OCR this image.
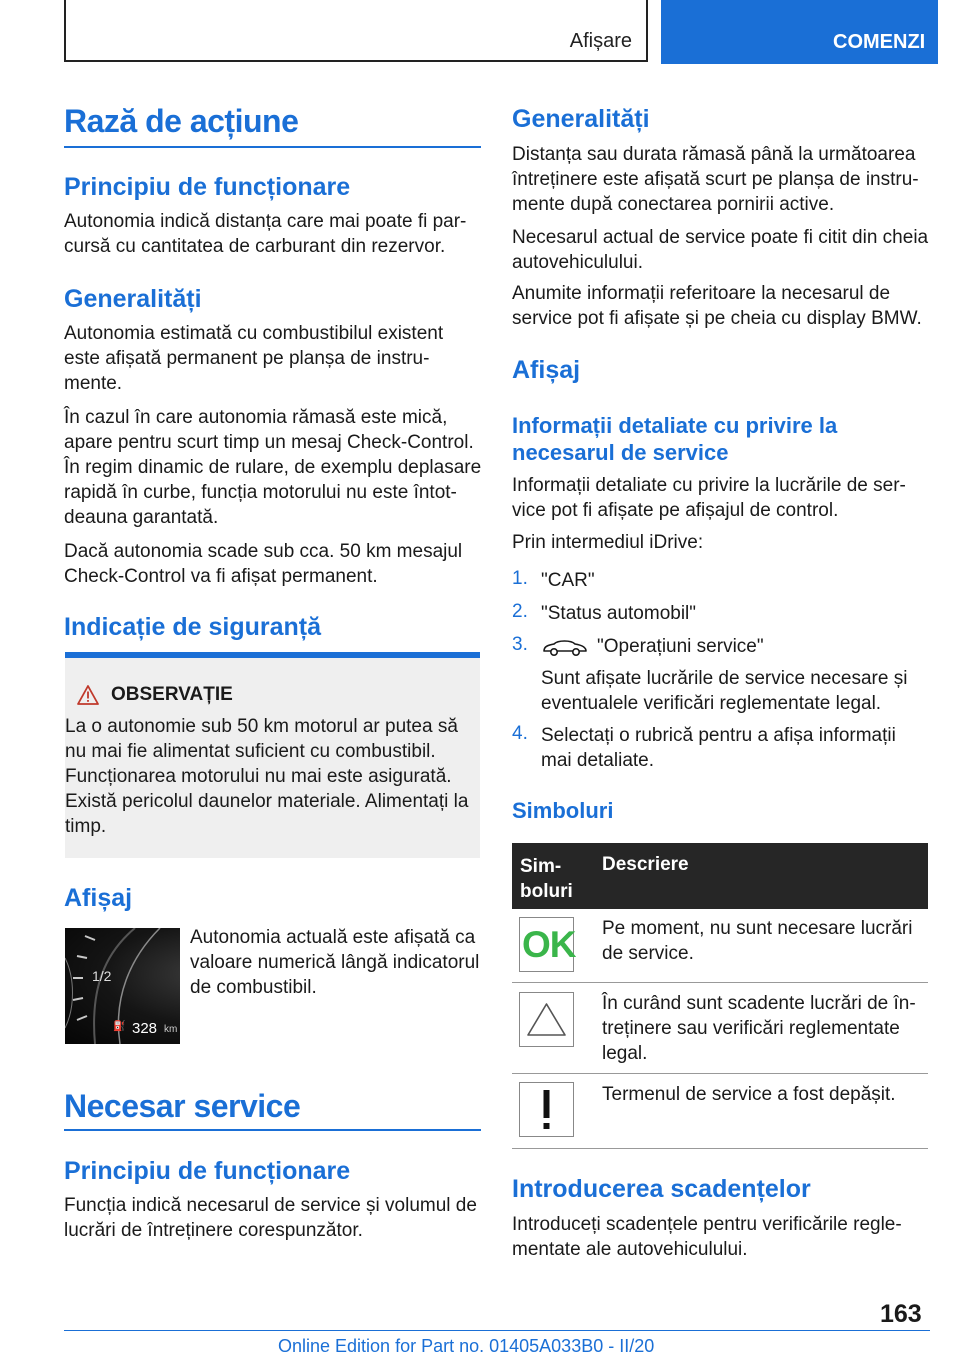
Afișare	COMENZI
Rază de acțiune
Principiu de funcționare
Autonomia indică distanța care mai poate fi par‐
cursă cu cantitatea de carburant din rezervor.
Generalități
Autonomia estimată cu combustibilul existent
este afișată permanent pe planșa de instru‐
mente.
În cazul în care autonomia rămasă este mică,
apare pentru scurt timp un mesaj Check-Control.
În regim dinamic de rulare, de exemplu deplasare
rapidă în curbe, funcția motorului nu este întot‐
deauna garantată.
Dacă autonomia scade sub cca. 50 km mesajul
Check-Control va fi afișat permanent.
Indicație de siguranță
OBSERVAȚIE
La o autonomie sub 50 km motorul ar putea să
nu mai fie alimentat suficient cu combustibil.
Funcționarea motorului nu mai este asigurată.
Există pericolul daunelor materiale. Alimentați la
timp.
Afișaj
1/2
⛽ 328 km
Autonomia actuală este afișată ca
valoare numerică lângă indicatorul
de combustibil.
Necesar service
Principiu de funcționare
Funcția indică necesarul de service și volumul de
lucrări de întreținere corespunzător.
Generalități
Distanța sau durata rămasă până la următoarea
întreținere este afișată scurt pe planșa de instru‐
mente după conectarea pornirii active.
Necesarul actual de service poate fi citit din cheia
autovehiculului.
Anumite informații referitoare la necesarul de
service pot fi afișate și pe cheia cu display BMW.
Afișaj
Informații detaliate cu privire la
necesarul de service
Informații detaliate cu privire la lucrările de ser‐
vice pot fi afișate pe afișajul de control.
Prin intermediul iDrive:
1. "CAR"
2. "Status automobil"
3.	"Operațiuni service"
Sunt afișate lucrările de service necesare și
eventualele verificări reglementate legal.
4. Selectați o rubrică pentru a afișa informații
mai detaliate.
Simboluri
Sim‐
boluri
Descriere
OK Pe moment, nu sunt necesare lucrări
de service.
În curând sunt scadente lucrări de în‐
treținere sau verificări reglementate
legal.
Termenul de service a fost depășit.
Introducerea scadențelor
Introduceți scadențele pentru verificările regle‐
mentate ale autovehiculului.
163
Online Edition for Part no. 01405A033B0 - II/20
